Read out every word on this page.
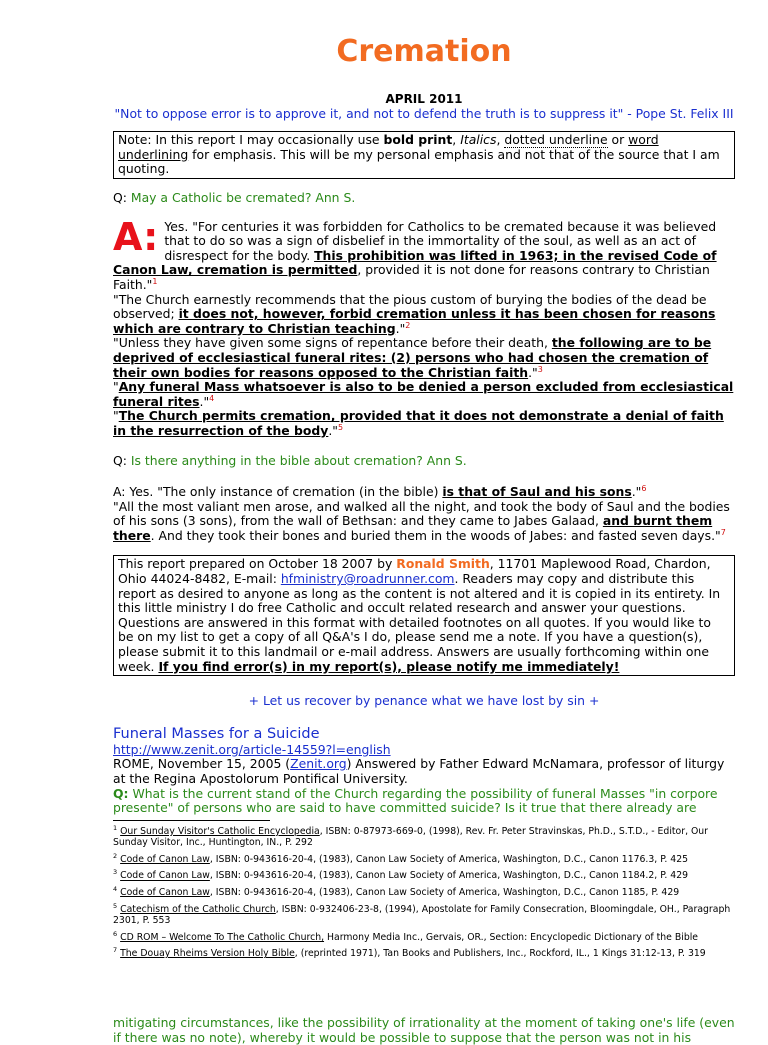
Cremation
APRIL 2011
"Not to oppose error is to approve it, and not to defend the truth is to suppress it" - Pope St. Felix III
Note: In this report I may occasionally use bold print, Italics, dotted underline or word underlining for emphasis. This will be my personal emphasis and not that of the source that I am quoting.
Q: May a Catholic be cremated? Ann S.
A: Yes. "For centuries it was forbidden for Catholics to be cremated because it was believed that to do so was a sign of disbelief in the immortality of the soul, as well as an act of disrespect for the body. This prohibition was lifted in 1963; in the revised Code of Canon Law, cremation is permitted, provided it is not done for reasons contrary to Christian Faith."$^1$

"The Church earnestly recommends that the pious custom of burying the bodies of the dead be observed; it does not, however, forbid cremation unless it has been chosen for reasons which are contrary to Christian teaching."$^2$

"Unless they have given some signs of repentance before their death, the following are to be deprived of ecclesiastical funeral rites: (2) persons who had chosen the cremation of their own bodies for reasons opposed to the Christian faith."$^3$

"Any funeral Mass whatsoever is also to be denied a person excluded from ecclesiastical funeral rites."$^4$

"The Church permits cremation, provided that it does not demonstrate a denial of faith in the resurrection of the body."$^5$

Q: Is there anything in the bible about cremation? Ann S.

A: Yes. "The only instance of cremation (in the bible) is that of Saul and his sons."$^6$

"All the most valiant men arose, and walked all the night, and took the body of Saul and the bodies of his sons (3 sons), from the wall of Bethsan: and they came to Jabes Galaad, and burnt them there. And they took their bones and buried them in the woods of Jabes: and fasted seven days."$^7$

This report prepared on October 18 2007 by Ronald Smith, 11701 Maplewood Road, Chardon, Ohio 44024-8482, E-mail: hfministry@roadrunner.com. Readers may copy and distribute this report as desired to anyone as long as the content is not altered and it is copied in its entirety. In this little ministry I do free Catholic and occult related research and answer your questions. Questions are answered in this format with detailed footnotes on all quotes. If you would like to be on my list to get a copy of all Q&A's I do, please send me a note. If you have a question(s), please submit it to this landmail or e-mail address. Answers are usually forthcoming within one week. If you find error(s) in my report(s), please notify me immediately!
+ Let us recover by penance what we have lost by sin +
Funeral Masses for a Suicide
http://www.zenit.org/article-14559?l=english
ROME, November 15, 2005 (Zenit.org) Answered by Father Edward McNamara, professor of liturgy at the Regina Apostolorum Pontifical University.
Q: What is the current stand of the Church regarding the possibility of funeral Masses "in corpore presente" of persons who are said to have committed suicide? Is it true that there already are
$^1$ Our Sunday Visitor's Catholic Encyclopedia, ISBN: 0-87973-669-0, (1998), Rev. Fr. Peter Stravinskas, Ph.D., S.T.D., - Editor, Our Sunday Visitor, Inc., Huntington, IN., P. 292
$^2$ Code of Canon Law, ISBN: 0-943616-20-4, (1983), Canon Law Society of America, Washington, D.C., Canon 1176.3, P. 425
$^3$ Code of Canon Law, ISBN: 0-943616-20-4, (1983), Canon Law Society of America, Washington, D.C., Canon 1184.2, P. 429
$^4$ Code of Canon Law, ISBN: 0-943616-20-4, (1983), Canon Law Society of America, Washington, D.C., Canon 1185, P. 429
$^5$ Catechism of the Catholic Church, ISBN: 0-932406-23-8, (1994), Apostolate for Family Consecration, Bloomingdale, OH., Paragraph 2301, P. 553
$^6$ CD ROM – Welcome To The Catholic Church, Harmony Media Inc., Gervais, OR., Section: Encyclopedic Dictionary of the Bible
$^7$ The Douay Rheims Version Holy Bible, (reprinted 1971), Tan Books and Publishers, Inc., Rockford, IL., 1 Kings 31:12-13, P. 319
mitigating circumstances, like the possibility of irrationality at the moment of taking one's life (even if there was no note), whereby it would be possible to suppose that the person was not in his
